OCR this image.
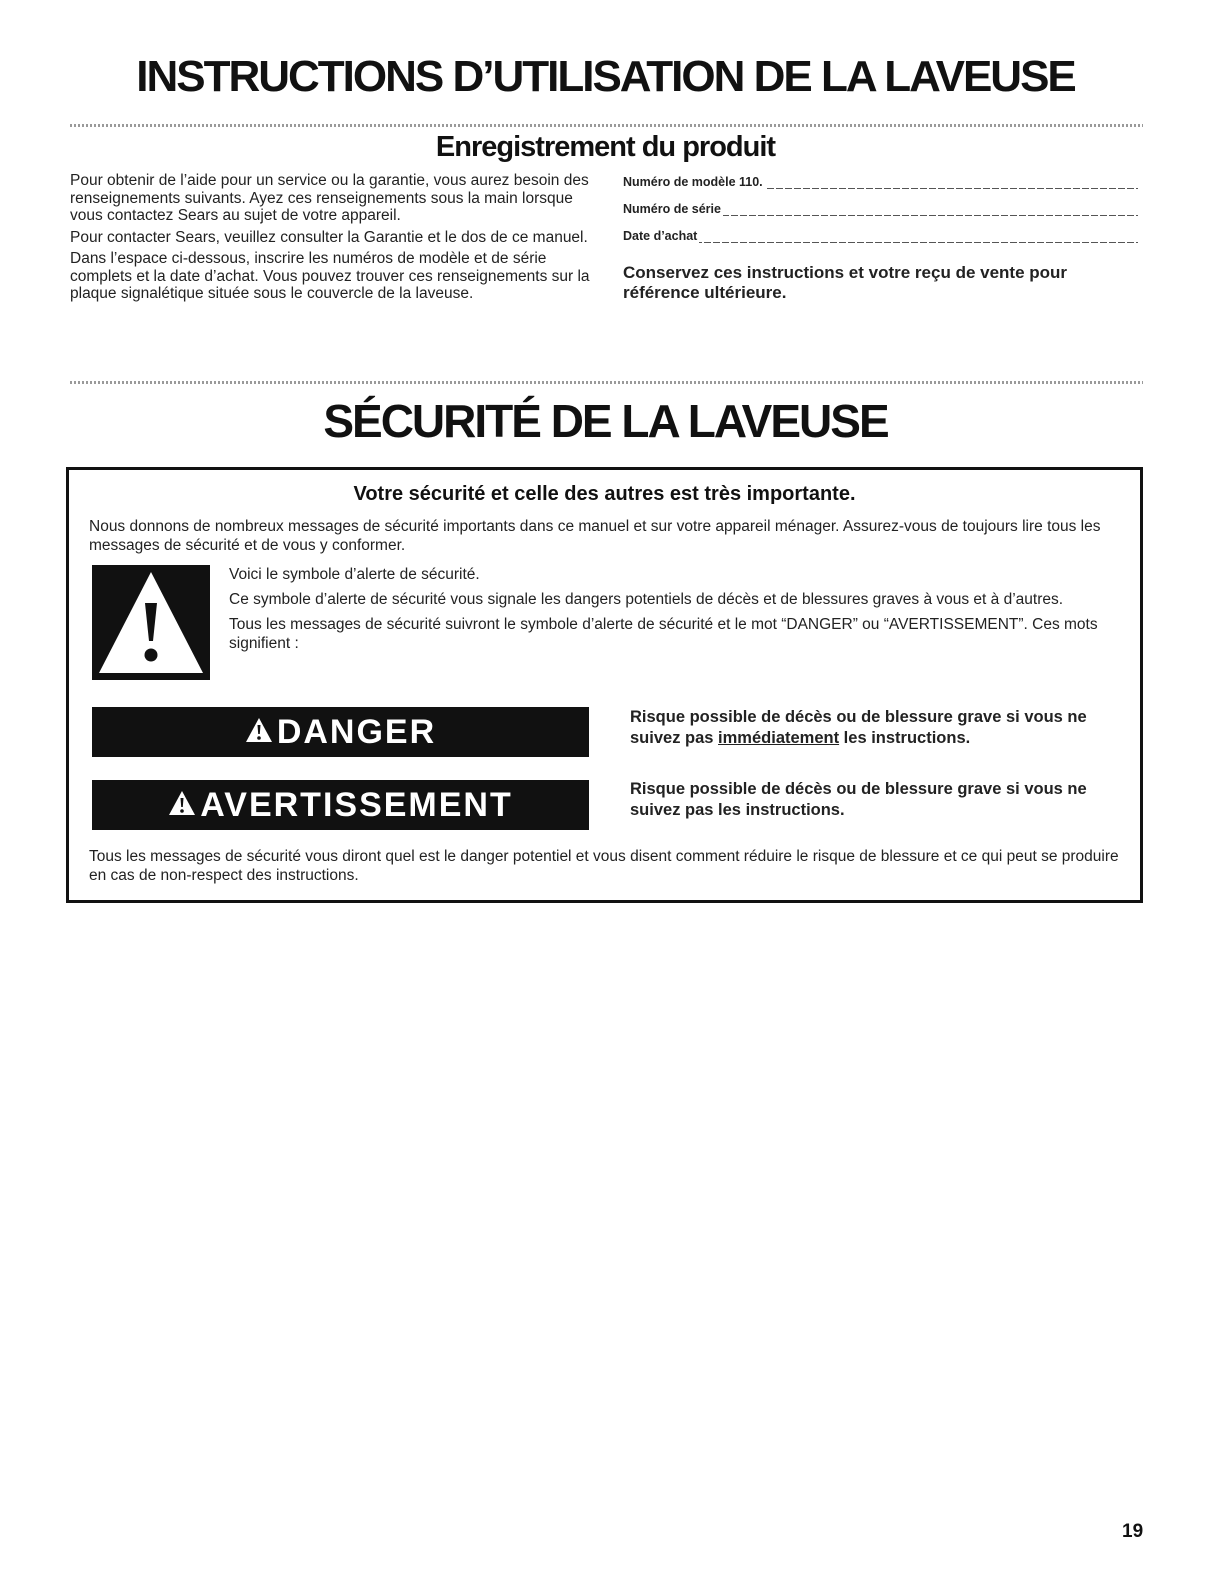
INSTRUCTIONS D’UTILISATION DE LA LAVEUSE
Enregistrement du produit

Pour obtenir de l’aide pour un service ou la garantie, vous aurez besoin des renseignements suivants. Ayez ces renseignements sous la main lorsque vous contactez Sears au sujet de votre appareil.

Pour contacter Sears, veuillez consulter la Garantie et le dos de ce manuel.

Dans l’espace ci-dessous, inscrire les numéros de modèle et de série complets et la date d’achat. Vous pouvez trouver ces renseignements sur la plaque signalétique située sous le couvercle de la laveuse.

Numéro de modèle 110.
Numéro de série
Date d’achat
Conservez ces instructions et votre reçu de vente pour référence ultérieure.
SÉCURITÉ DE LA LAVEUSE
Votre sécurité et celle des autres est très importante.

Nous donnons de nombreux messages de sécurité importants dans ce manuel et sur votre appareil ménager. Assurez-vous de toujours lire tous les messages de sécurité et de vous y conformer.

Voici le symbole d’alerte de sécurité.

Ce symbole d’alerte de sécurité vous signale les dangers potentiels de décès et de blessures graves à vous et à d’autres.

Tous les messages de sécurité suivront le symbole d’alerte de sécurité et le mot “DANGER” ou “AVERTISSEMENT”. Ces mots signifient :

DANGER	Risque possible de décès ou de blessure grave si vous ne suivez pas immédiatement les instructions.
AVERTISSEMENT	Risque possible de décès ou de blessure grave si vous ne suivez pas les instructions.

Tous les messages de sécurité vous diront quel est le danger potentiel et vous disent comment réduire le risque de blessure et ce qui peut se produire en cas de non-respect des instructions.

19
